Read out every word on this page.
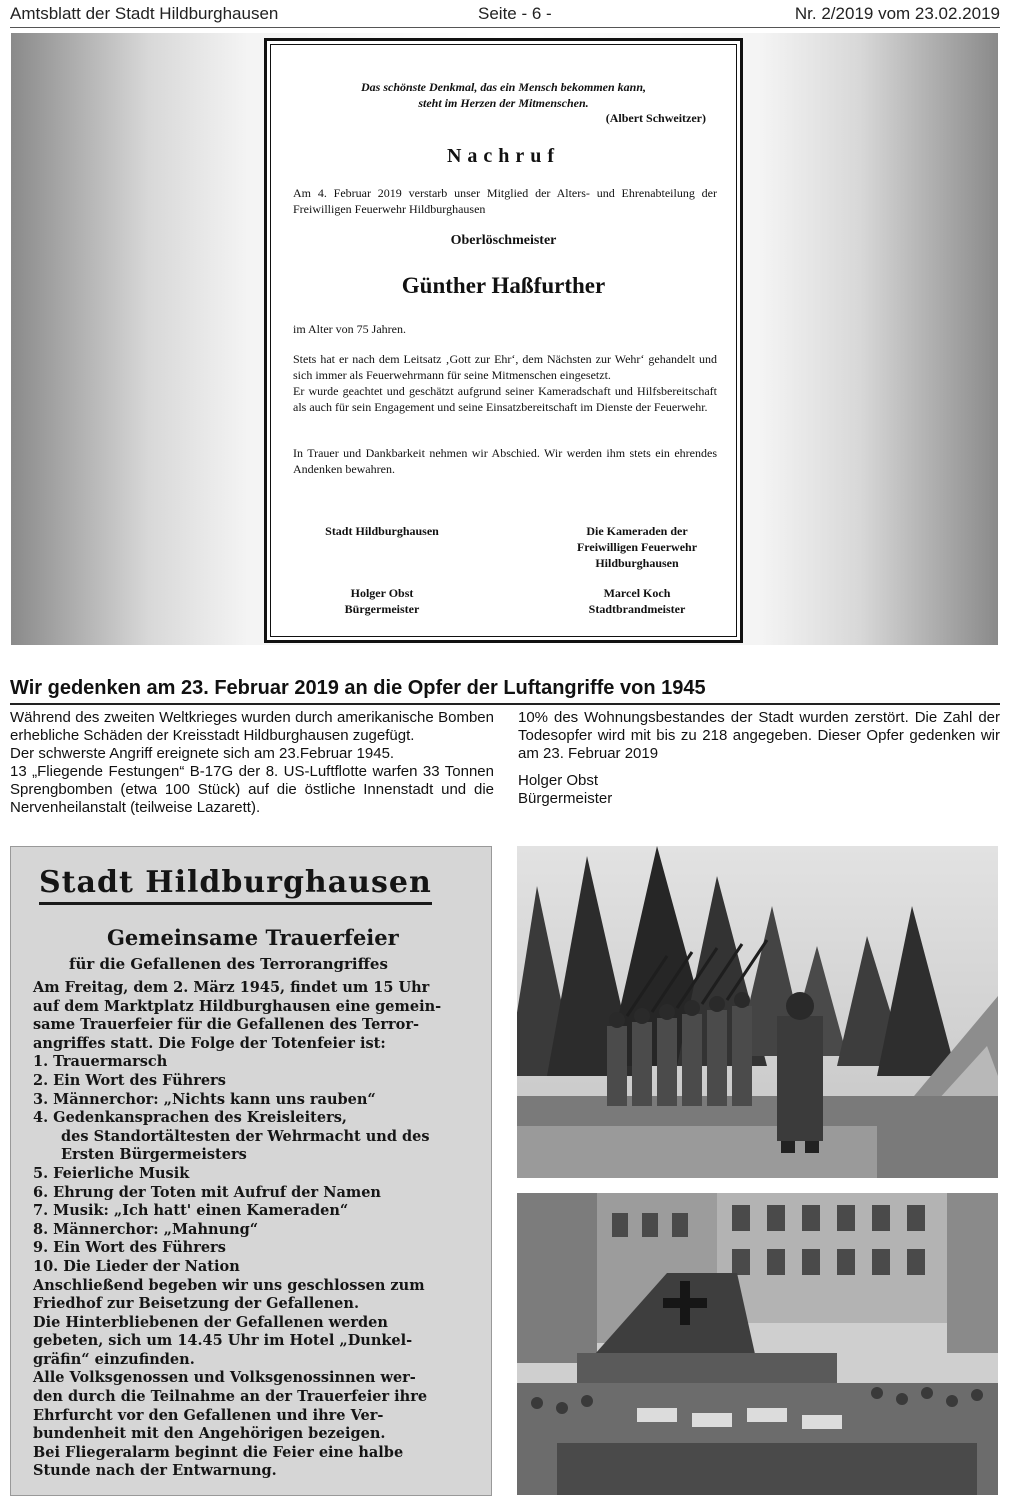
Amtsblatt der Stadt Hildburghausen	Seite - 6 -	Nr. 2/2019 vom 23.02.2019
Das schönste Denkmal, das ein Mensch bekommen kann,
steht im Herzen der Mitmenschen.
(Albert Schweitzer)
Nachruf
Am 4. Februar 2019 verstarb unser Mitglied der Alters- und Ehrenabteilung der Freiwilligen Feuerwehr Hildburghausen
Oberlöschmeister
Günther Haßfurther
im Alter von 75 Jahren.
Stets hat er nach dem Leitsatz ‚Gott zur Ehr‘, dem Nächsten zur Wehr‘ gehandelt und sich immer als Feuerwehrmann für seine Mitmenschen eingesetzt.
Er wurde geachtet und geschätzt aufgrund seiner Kameradschaft und Hilfsbereitschaft als auch für sein Engagement und seine Einsatzbereitschaft im Dienste der Feuerwehr.
In Trauer und Dankbarkeit nehmen wir Abschied. Wir werden ihm stets ein ehrendes Andenken bewahren.
Stadt Hildburghausen	Die Kameraden der
Freiwilligen Feuerwehr
Hildburghausen
Holger Obst
Bürgermeister
Marcel Koch
Stadtbrandmeister
Wir gedenken am 23. Februar 2019 an die Opfer der Luftangriffe von 1945

Während des zweiten Weltkrieges wurden durch amerikanische Bomben erhebliche Schäden der Kreisstadt Hildburghausen zugefügt.

Der schwerste Angriff ereignete sich am 23.Februar 1945.

13 „Fliegende Festungen“ B-17G der 8. US-Luftflotte warfen 33 Tonnen Sprengbomben (etwa 100 Stück) auf die östliche Innenstadt und die Nervenheilanstalt (teilweise Lazarett).

10% des Wohnungsbestandes der Stadt wurden zerstört. Die Zahl der Todesopfer wird mit bis zu 218 angegeben. Dieser Opfer gedenken wir am 23. Februar 2019

Holger Obst

Bürgermeister

Stadt Hildburghausen
Gemeinsame Trauerfeier
für die Gefallenen des Terrorangriffes
Am Freitag, dem 2. März 1945, findet um 15 Uhr
auf dem Marktplatz Hildburghausen eine gemein-
same Trauerfeier für die Gefallenen des Terror-
angriffes statt. Die Folge der Totenfeier ist:
1. Trauermarsch
2. Ein Wort des Führers
3. Männerchor: „Nichts kann uns rauben“
4. Gedenkansprachen des Kreisleiters,
des Standortältesten der Wehrmacht und des
Ersten Bürgermeisters
5. Feierliche Musik
6. Ehrung der Toten mit Aufruf der Namen
7. Musik: „Ich hatt' einen Kameraden“
8. Männerchor: „Mahnung“
9. Ein Wort des Führers
10. Die Lieder der Nation
Anschließend begeben wir uns geschlossen zum
Friedhof zur Beisetzung der Gefallenen.
Die Hinterbliebenen der Gefallenen werden
gebeten, sich um 14.45 Uhr im Hotel „Dunkel-
gräfin“ einzufinden.
Alle Volksgenossen und Volksgenossinnen wer-
den durch die Teilnahme an der Trauerfeier ihre
Ehrfurcht vor den Gefallenen und ihre Ver-
bundenheit mit den Angehörigen bezeigen.
Bei Fliegeralarm beginnt die Feier eine halbe
Stunde nach der Entwarnung.
